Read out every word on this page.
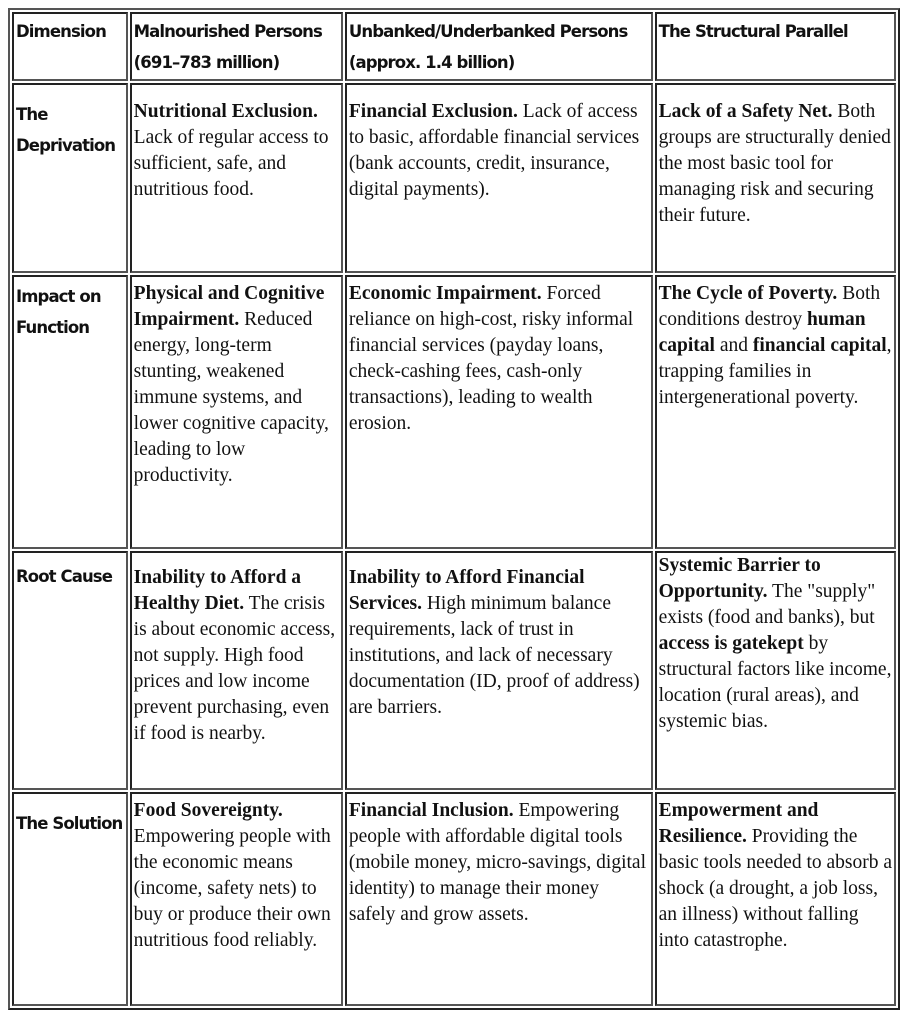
Dimension	Malnourished Persons (691–783 million)	Unbanked/Underbanked Persons (approx. 1.4 billion)	The Structural Parallel
The Deprivation	Nutritional Exclusion. Lack of regular access to sufficient, safe, and nutritious food.	Financial Exclusion. Lack of access to basic, affordable financial services (bank accounts, credit, insurance, digital payments).	Lack of a Safety Net. Both groups are structurally denied the most basic tool for managing risk and securing their future.
Impact on Function	Physical and Cognitive Impairment. Reduced energy, long-term stunting, weakened immune systems, and lower cognitive capacity, leading to low productivity.	Economic Impairment. Forced reliance on high-cost, risky informal financial services (payday loans, check-cashing fees, cash-only transactions), leading to wealth erosion.	The Cycle of Poverty. Both conditions destroy human capital and financial capital, trapping families in intergenerational poverty.
Root Cause	Inability to Afford a Healthy Diet. The crisis is about economic access, not supply. High food prices and low income prevent purchasing, even if food is nearby.	Inability to Afford Financial Services. High minimum balance requirements, lack of trust in institutions, and lack of necessary documentation (ID, proof of address) are barriers.	Systemic Barrier to Opportunity. The "supply" exists (food and banks), but access is gatekept by structural factors like income, location (rural areas), and systemic bias.
The Solution	Food Sovereignty. Empowering people with the economic means (income, safety nets) to buy or produce their own nutritious food reliably.	Financial Inclusion. Empowering people with affordable digital tools (mobile money, micro-savings, digital identity) to manage their money safely and grow assets.	Empowerment and Resilience. Providing the basic tools needed to absorb a shock (a drought, a job loss, an illness) without falling into catastrophe.
